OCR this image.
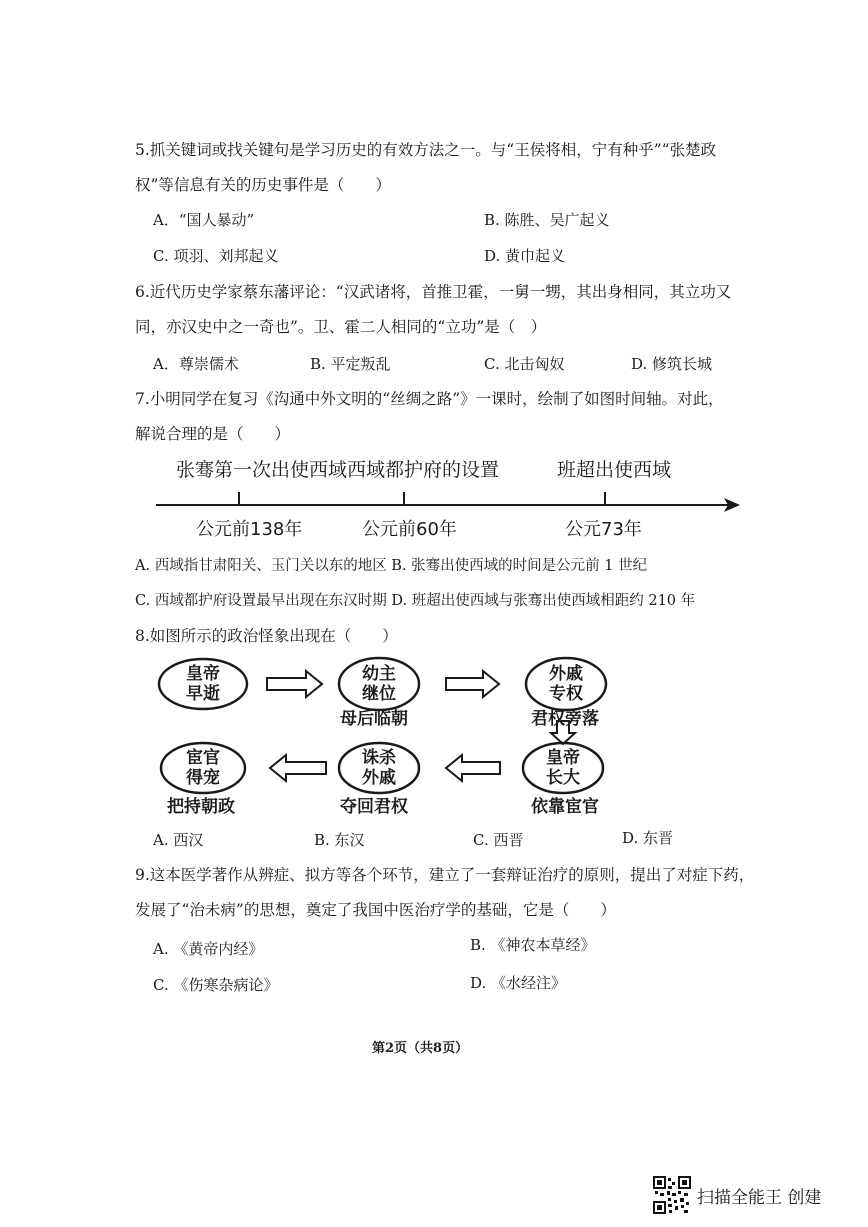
5.抓关键词或找关键句是学习历史的有效方法之一。与“王侯将相，宁有种乎”“张楚政
权”等信息有关的历史事件是（　　）
A．“国人暴动”	B. 陈胜、吴广起义
C. 项羽、刘邦起义	D. 黄巾起义
6.近代历史学家蔡东藩评论：“汉武诸将，首推卫霍，一舅一甥，其出身相同，其立功又
同，亦汉史中之一奇也”。卫、霍二人相同的“立功”是（　）
A．尊崇儒术	B. 平定叛乱	C. 北击匈奴	D. 修筑长城
7.小明同学在复习《沟通中外文明的“丝绸之路”》一课时，绘制了如图时间轴。对此，
解说合理的是（　　）
张骞第一次出使西域 西域都护府的设置	班超出使西域
公元前138年	公元前60年	公元73年
A. 西域指甘肃阳关、玉门关以东的地区 B. 张骞出使西域的时间是公元前 1 世纪
C. 西域都护府设置最早出现在东汉时期 D. 班超出使西域与张骞出使西域相距约 210 年
8.如图所示的政治怪象出现在（　　）
皇帝
早逝
幼主
继位
外戚
专权
皇帝
长大
诛杀
外戚
宦官
得宠
母后临朝	君权旁落
依靠宦官
夺回君权
把持朝政
A. 西汉	B. 东汉	C. 西晋	D. 东晋
9.这本医学著作从辨症、拟方等各个环节，建立了一套辩证治疗的原则，提出了对症下药，
发展了“治未病”的思想，奠定了我国中医治疗学的基础，它是（　　）
A. 《黄帝内经》	B. 《神农本草经》
C. 《伤寒杂病论》	D. 《水经注》
第2页（共8页）
扫描全能王 创建
